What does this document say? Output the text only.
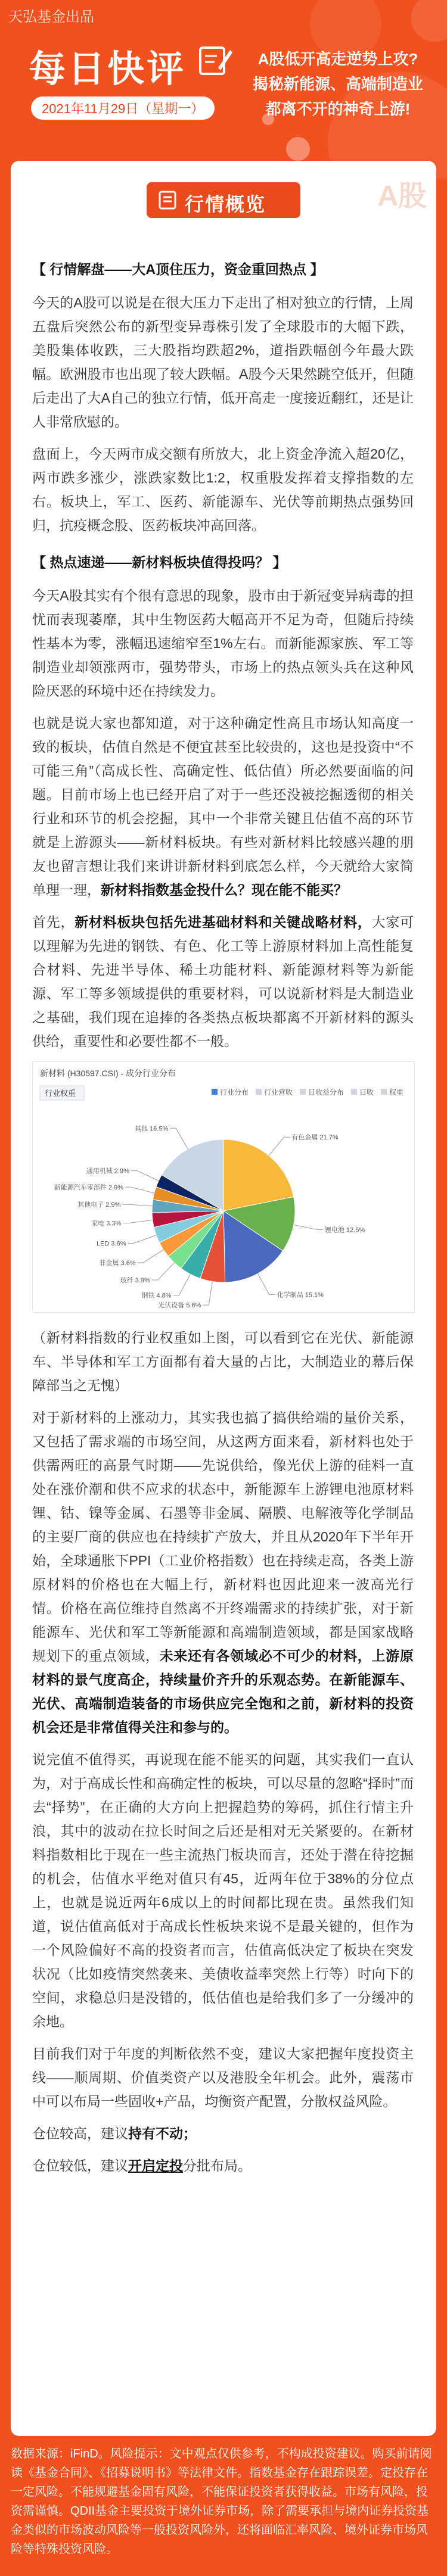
天弘基金出品
每日快评
2021年11月29日（星期一）
A股低开高走逆势上攻?
揭秘新能源、高端制造业
都离不开的神奇上游!
A股
行情概览
【 行情解盘——大A顶住压力，资金重回热点 】

今天的A股可以说是在很大压力下走出了相对独立的行情，上周五盘后突然公布的新型变异毒株引发了全球股市的大幅下跌，美股集体收跌，三大股指均跌超2%，道指跌幅创今年最大跌幅。欧洲股市也出现了较大跌幅。A股今天果然跳空低开，但随后走出了大A自己的独立行情，低开高走一度接近翻红，还是让人非常欣慰的。

盘面上，今天两市成交额有所放大，北上资金净流入超20亿，两市跌多涨少，涨跌家数比1:2，权重股发挥着支撑指数的左右。板块上，军工、医药、新能源车、光伏等前期热点强势回归，抗疫概念股、医药板块冲高回落。

【 热点速递——新材料板块值得投吗？ 】

今天A股其实有个很有意思的现象，股市由于新冠变异病毒的担忧而表现萎靡，其中生物医药大幅高开不足为奇，但随后持续性基本为零，涨幅迅速缩窄至1%左右。而新能源家族、军工等制造业却领涨两市，强势带头，市场上的热点领头兵在这种风险厌恶的环境中还在持续发力。

也就是说大家也都知道，对于这种确定性高且市场认知高度一致的板块，估值自然是不便宜甚至比较贵的，这也是投资中“不可能三角”（高成长性、高确定性、低估值）所必然要面临的问题。目前市场上也已经开启了对于一些还没被挖掘透彻的相关行业和环节的机会挖掘，其中一个非常关键且估值不高的环节就是上游源头——新材料板块。有些对新材料比较感兴趣的朋友也留言想让我们来讲讲新材料到底怎么样，今天就给大家简单理一理，新材料指数基金投什么？现在能不能买？

首先，新材料板块包括先进基础材料和关键战略材料，大家可以理解为先进的钢铁、有色、化工等上游原材料加上高性能复合材料、先进半导体、稀土功能材料、新能源材料等为新能源、军工等多领域提供的重要材料，可以说新材料是大制造业之基础，我们现在追捧的各类热点板块都离不开新材料的源头供给，重要性和必要性都不一般。

新材料 (H30597.CSI) - 成分行业分布
行业权重	行业分布 行业营收 日收益分布 日收 权重
有色金属 21.7%
锂电池 12.5%
化学制品 15.1%
光伏设备 5.6%
钢铁 4.8%
玻纤 3.9%
非金属 3.6%
LED 3.6%
家电 3.3%
其他电子 2.9%
新能源汽车零部件 2.9%
通用机械 2.9%
其他 16.5%

（新材料指数的行业权重如上图，可以看到它在光伏、新能源车、半导体和军工方面都有着大量的占比，大制造业的幕后保障部当之无愧）

对于新材料的上涨动力，其实我也搞了搞供给端的量价关系，又包括了需求端的市场空间，从这两方面来看，新材料也处于供需两旺的高景气时期——先说供给，像光伏上游的硅料一直处在涨价潮和供不应求的状态中，新能源车上游锂电池原材料锂、钴、镍等金属、石墨等非金属、隔膜、电解液等化学制品的主要厂商的供应也在持续扩产放大，并且从2020年下半年开始，全球通胀下PPI（工业价格指数）也在持续走高，各类上游原材料的价格也在大幅上行，新材料也因此迎来一波高光行情。价格在高位维持自然离不开终端需求的持续扩张，对于新能源车、光伏和军工等新能源和高端制造领域，都是国家战略规划下的重点领域，未来还有各领域必不可少的材料，上游原材料的景气度高企，持续量价齐升的乐观态势。在新能源车、光伏、高端制造装备的市场供应完全饱和之前，新材料的投资机会还是非常值得关注和参与的。

说完值不值得买，再说现在能不能买的问题，其实我们一直认为，对于高成长性和高确定性的板块，可以尽量的忽略“择时”而去“择势”，在正确的大方向上把握趋势的筹码，抓住行情主升浪，其中的波动在拉长时间之后还是相对无关紧要的。在新材料指数相比于现在一些主流热门板块而言，还处于潜在待挖掘的机会，估值水平绝对值只有45，近两年位于38%的分位点上，也就是说近两年6成以上的时间都比现在贵。虽然我们知道，说估值高低对于高成长性板块来说不是最关键的，但作为一个风险偏好不高的投资者而言，估值高低决定了板块在突发状况（比如疫情突然袭来、美债收益率突然上行等）时向下的空间，求稳总归是没错的，低估值也是给我们多了一分缓冲的余地。

目前我们对于年度的判断依然不变，建议大家把握年度投资主线——顺周期、价值类资产以及港股全年机会。此外，震荡市中可以布局一些固收+产品，均衡资产配置，分散权益风险。

仓位较高，建议持有不动；

仓位较低，建议开启定投分批布局。

数据来源：iFinD。风险提示：文中观点仅供参考，不构成投资建议。购买前请阅读《基金合同》、《招募说明书》等法律文件。指数基金存在跟踪误差。定投存在一定风险。不能规避基金固有风险，不能保证投资者获得收益。市场有风险，投资需谨慎。QDII基金主要投资于境外证券市场，除了需要承担与境内证券投资基金类似的市场波动风险等一般投资风险外，还将面临汇率风险、境外证券市场风险等特殊投资风险。
